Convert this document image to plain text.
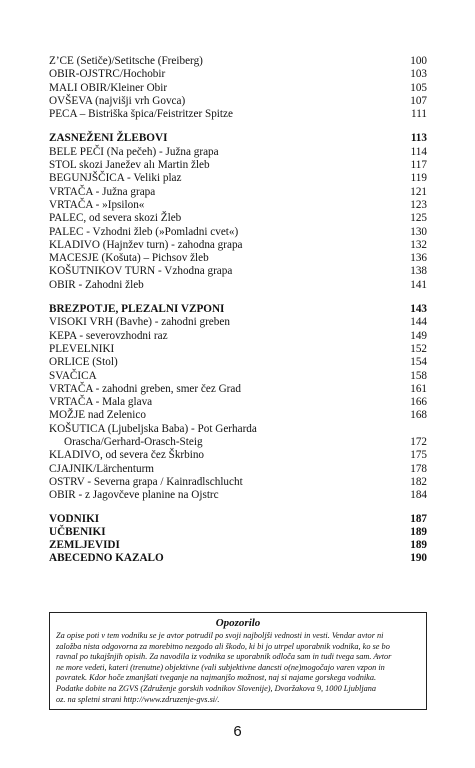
Z’CE (Setiče)/Setitsche (Freiberg)	100
OBIR-OJSTRC/Hochobir	103
MALI OBIR/Kleiner Obir	105
OVŠEVA (najvišji vrh Govca)	107
PECA – Bistriška špica/Feistritzer Spitze	111
ZASNEŽENI ŽLEBOVI	113
BELE PEČI (Na pečeh) - Južna grapa	114
STOL skozi Janežev alı Martin žleb	117
BEGUNJŠČICA - Veliki plaz	119
VRTAČA - Južna grapa	121
VRTAČA - »Ipsilon«	123
PALEC, od severa skozi Žleb	125
PALEC - Vzhodni žleb (»Pomladni cvet«)	130
KLADIVO (Hajnžev turn) - zahodna grapa	132
MACESJE (Košuta) – Pichsov žleb	136
KOŠUTNIKOV TURN - Vzhodna grapa	138
OBIR - Zahodni žleb	141
BREZPOTJE, PLEZALNI VZPONI	143
VISOKI VRH (Bavhe) - zahodni greben	144
KEPA - severovzhodni raz	149
PLEVELNIKI	152
ORLICE (Stol)	154
SVAČICA	158
VRTAČA - zahodni greben, smer čez Grad	161
VRTAČA - Mala glava	166
MOŽJE nad Zelenico	168
KOŠUTICA (Ljubeljska Baba) - Pot Gerharda
Orascha/Gerhard-Orasch-Steig	172
KLADIVO, od severa čez Škrbino	175
CJAJNIK/Lärchenturm	178
OSTRV - Severna grapa / Kainradlschlucht	182
OBIR - z Jagovčeve planine na Ojstrc	184
VODNIKI	187
UČBENIKI	189
ZEMLJEVIDI	189
ABECEDNO KAZALO	190
Opozorilo
Za opise poti v tem vodniku se je avtor potrudil po svoji najboljši vednosti in vesti. Vendar avtor ni
založba nista odgovorna za morebitno nezgodo ali škodo, ki bi jo utrpel uporabnik vodnika, ko se bo
ravnal po tukajšnjih opisih. Za navodila iz vodnika se uporabnik odloča sam in tudi tvega sam. Avtor
ne more vedeti, kateri (trenutne) objektivne (vali subjektivne dancsti o(ne)mogočajo varen vzpon in
povratek. Kdor hoče zmanjšati tveganje na najmanjšo možnost, naj si najame gorskega vodnika.
Podatke dobite na ZGVS (Združenje gorskih vodnikov Slovenije), Dvoržakova 9, 1000 Ljubljana
oz. na spletni strani http://www.zdruzenje-gvs.si/.
6
